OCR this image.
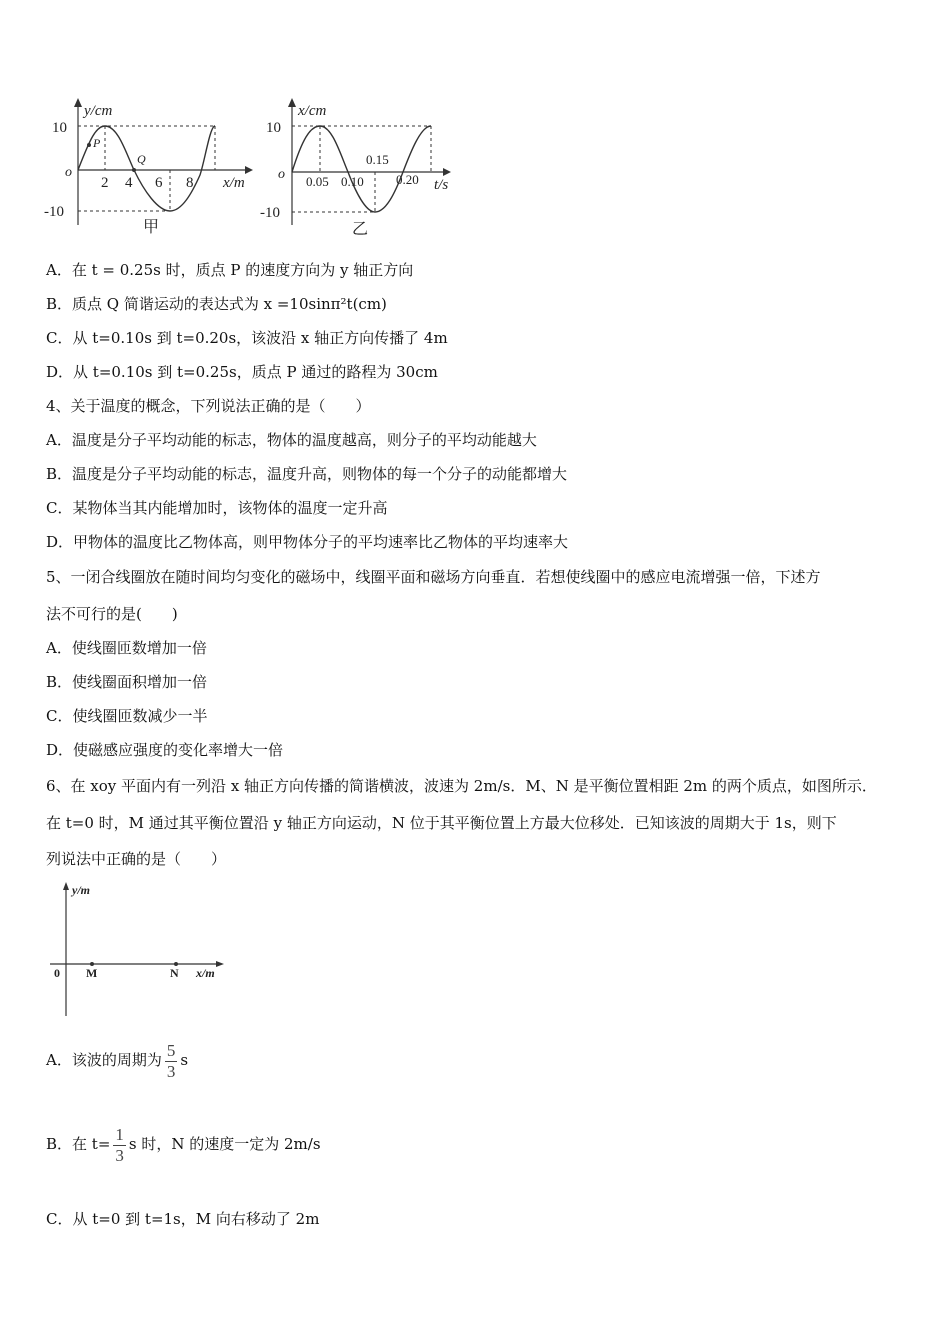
y/cm
x/m
10
-10
o
2 4 6 8
P
Q
甲
x/cm
t/s
10
-10
o 0.05 0.10
0.15
0.20
乙
A．在 t = 0.25s 时，质点 P 的速度方向为 y 轴正方向
B．质点 Q 简谐运动的表达式为 x =10sinπ²t(cm)
C．从 t=0.10s 到 t=0.20s，该波沿 x 轴正方向传播了 4m
D．从 t=0.10s 到 t=0.25s，质点 P 通过的路程为 30cm
4、关于温度的概念，下列说法正确的是（　　）
A．温度是分子平均动能的标志，物体的温度越高，则分子的平均动能越大
B．温度是分子平均动能的标志，温度升高，则物体的每一个分子的动能都增大
C．某物体当其内能增加时，该物体的温度一定升高
D．甲物体的温度比乙物体高，则甲物体分子的平均速率比乙物体的平均速率大
5、一闭合线圈放在随时间均匀变化的磁场中，线圈平面和磁场方向垂直．若想使线圈中的感应电流增强一倍，下述方
法不可行的是(　　)
A．使线圈匝数增加一倍
B．使线圈面积增加一倍
C．使线圈匝数减少一半
D．使磁感应强度的变化率增大一倍
6、在 xoy 平面内有一列沿 x 轴正方向传播的简谐横波，波速为 2m/s．M、N 是平衡位置相距 2m 的两个质点，如图所示．
在 t=0 时，M 通过其平衡位置沿 y 轴正方向运动，N 位于其平衡位置上方最大位移处．已知该波的周期大于 1s，则下
列说法中正确的是（　　）
y/m
x/m
0 M	N
A．该波的周期为 $\frac{5}{3}$ s
B．在 $t= \frac{1}{3}$ s 时，N 的速度一定为 2m/s
C．从 t=0 到 t=1s，M 向右移动了 2m
